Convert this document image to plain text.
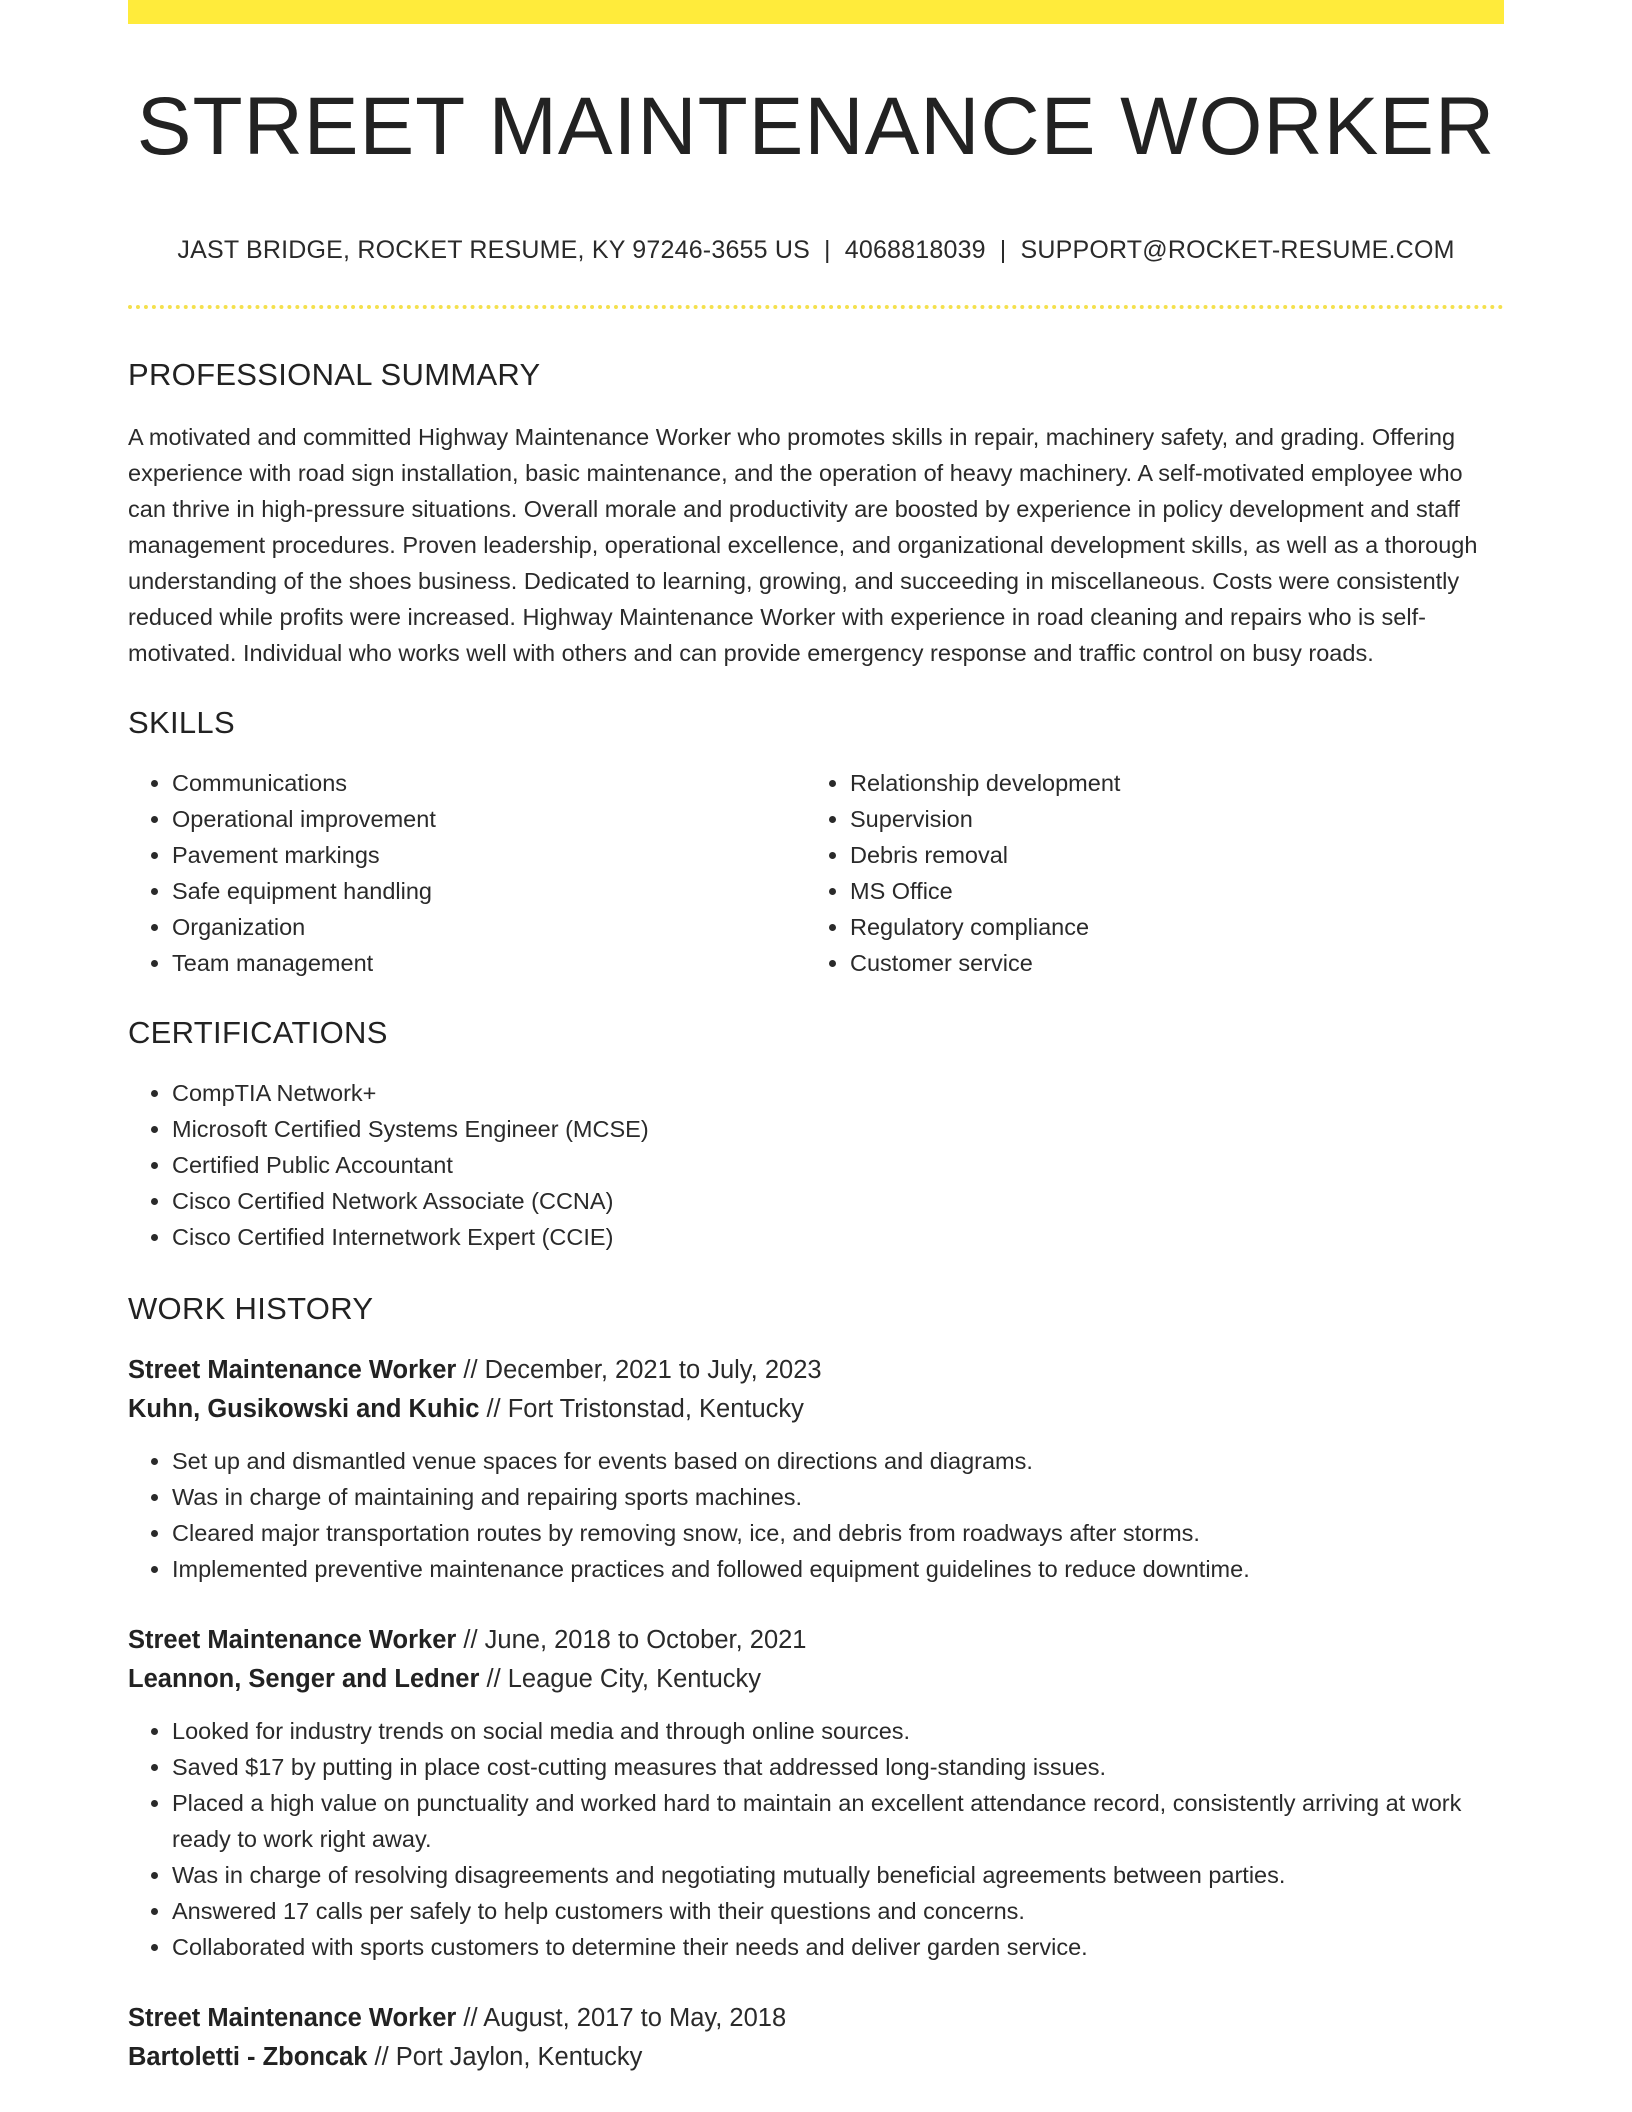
STREET MAINTENANCE WORKER
JAST BRIDGE, ROCKET RESUME, KY 97246-3655 US | 4068818039 | SUPPORT@ROCKET-RESUME.COM
PROFESSIONAL SUMMARY

A motivated and committed Highway Maintenance Worker who promotes skills in repair, machinery safety, and grading. Offering experience with road sign installation, basic maintenance, and the operation of heavy machinery. A self-motivated employee who can thrive in high-pressure situations. Overall morale and productivity are boosted by experience in policy development and staff management procedures. Proven leadership, operational excellence, and organizational development skills, as well as a thorough understanding of the shoes business. Dedicated to learning, growing, and succeeding in miscellaneous. Costs were consistently reduced while profits were increased. Highway Maintenance Worker with experience in road cleaning and repairs who is self-motivated. Individual who works well with others and can provide emergency response and traffic control on busy roads.

SKILLS
• Communications
• Operational improvement
• Pavement markings
• Safe equipment handling
• Organization
• Team management
• Relationship development
• Supervision
• Debris removal
• MS Office
• Regulatory compliance
• Customer service
CERTIFICATIONS
• CompTIA Network+
• Microsoft Certified Systems Engineer (MCSE)
• Certified Public Accountant
• Cisco Certified Network Associate (CCNA)
• Cisco Certified Internetwork Expert (CCIE)
WORK HISTORY
Street Maintenance Worker // December, 2021 to July, 2023
Kuhn, Gusikowski and Kuhic // Fort Tristonstad, Kentucky
• Set up and dismantled venue spaces for events based on directions and diagrams.
• Was in charge of maintaining and repairing sports machines.
• Cleared major transportation routes by removing snow, ice, and debris from roadways after storms.
• Implemented preventive maintenance practices and followed equipment guidelines to reduce downtime.
Street Maintenance Worker // June, 2018 to October, 2021
Leannon, Senger and Ledner // League City, Kentucky
• Looked for industry trends on social media and through online sources.
• Saved $17 by putting in place cost-cutting measures that addressed long-standing issues.
• Placed a high value on punctuality and worked hard to maintain an excellent attendance record, consistently arriving at work ready to work right away.
• Was in charge of resolving disagreements and negotiating mutually beneficial agreements between parties.
• Answered 17 calls per safely to help customers with their questions and concerns.
• Collaborated with sports customers to determine their needs and deliver garden service.
Street Maintenance Worker // August, 2017 to May, 2018
Bartoletti - Zboncak // Port Jaylon, Kentucky
